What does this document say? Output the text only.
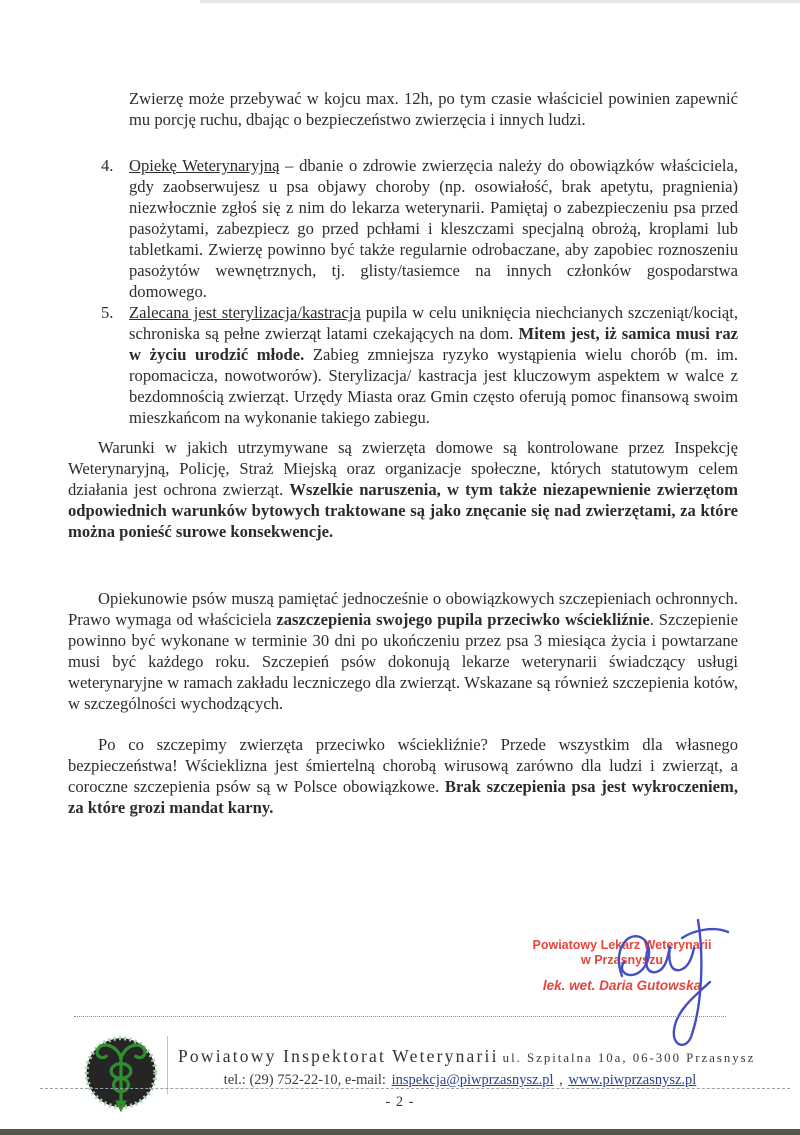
Zwierzę może przebywać w kojcu max. 12h, po tym czasie właściciel powinien zapewnić mu porcję ruchu, dbając o bezpieczeństwo zwierzęcia i innych ludzi.

4. Opiekę Weterynaryjną – dbanie o zdrowie zwierzęcia należy do obowiązków właściciela, gdy zaobserwujesz u psa objawy choroby (np. osowiałość, brak apetytu, pragnienia) niezwłocznie zgłoś się z nim do lekarza weterynarii. Pamiętaj o zabezpieczeniu psa przed pasożytami, zabezpiecz go przed pchłami i kleszczami specjalną obrożą, kroplami lub tabletkami. Zwierzę powinno być także regularnie odrobaczane, aby zapobiec roznoszeniu pasożytów wewnętrznych, tj. glisty/tasiemce na innych członków gospodarstwa domowego.
5. Zalecana jest sterylizacja/kastracja pupila w celu uniknięcia niechcianych szczeniąt/kociąt, schroniska są pełne zwierząt latami czekających na dom. Mitem jest, iż samica musi raz w życiu urodzić młode. Zabieg zmniejsza ryzyko wystąpienia wielu chorób (m. im. ropomacicza, nowotworów). Sterylizacja/ kastracja jest kluczowym aspektem w walce z bezdomnością zwierząt. Urzędy Miasta oraz Gmin często oferują pomoc finansową swoim mieszkańcom na wykonanie takiego zabiegu.

Warunki w jakich utrzymywane są zwierzęta domowe są kontrolowane przez Inspekcję Weterynaryjną, Policję, Straż Miejską oraz organizacje społeczne, których statutowym celem działania jest ochrona zwierząt. Wszelkie naruszenia, w tym także niezapewnienie zwierzętom odpowiednich warunków bytowych traktowane są jako znęcanie się nad zwierzętami, za które można ponieść surowe konsekwencje.

Opiekunowie psów muszą pamiętać jednocześnie o obowiązkowych szczepieniach ochronnych. Prawo wymaga od właściciela zaszczepienia swojego pupila przeciwko wściekliźnie. Szczepienie powinno być wykonane w terminie 30 dni po ukończeniu przez psa 3 miesiąca życia i powtarzane musi być każdego roku. Szczepień psów dokonują lekarze weterynarii świadczący usługi weterynaryjne w ramach zakładu leczniczego dla zwierząt. Wskazane są również szczepienia kotów, w szczególności wychodzących.

Po co szczepimy zwierzęta przeciwko wściekliźnie? Przede wszystkim dla własnego bezpieczeństwa! Wścieklizna jest śmiertelną chorobą wirusową zarówno dla ludzi i zwierząt, a coroczne szczepienia psów są w Polsce obowiązkowe. Brak szczepienia psa jest wykroczeniem, za które grozi mandat karny.

Powiatowy Lekarz Weterynarii
w Przasnyszu
lek. wet. Daria Gutowska
Powiatowy Inspektorat Weterynarii ul. Szpitalna 10a, 06-300 Przasnysz
tel.: (29) 752-22-10, e-mail: inspekcja@piwprzasnysz.pl , www.piwprzasnysz.pl
- 2 -
